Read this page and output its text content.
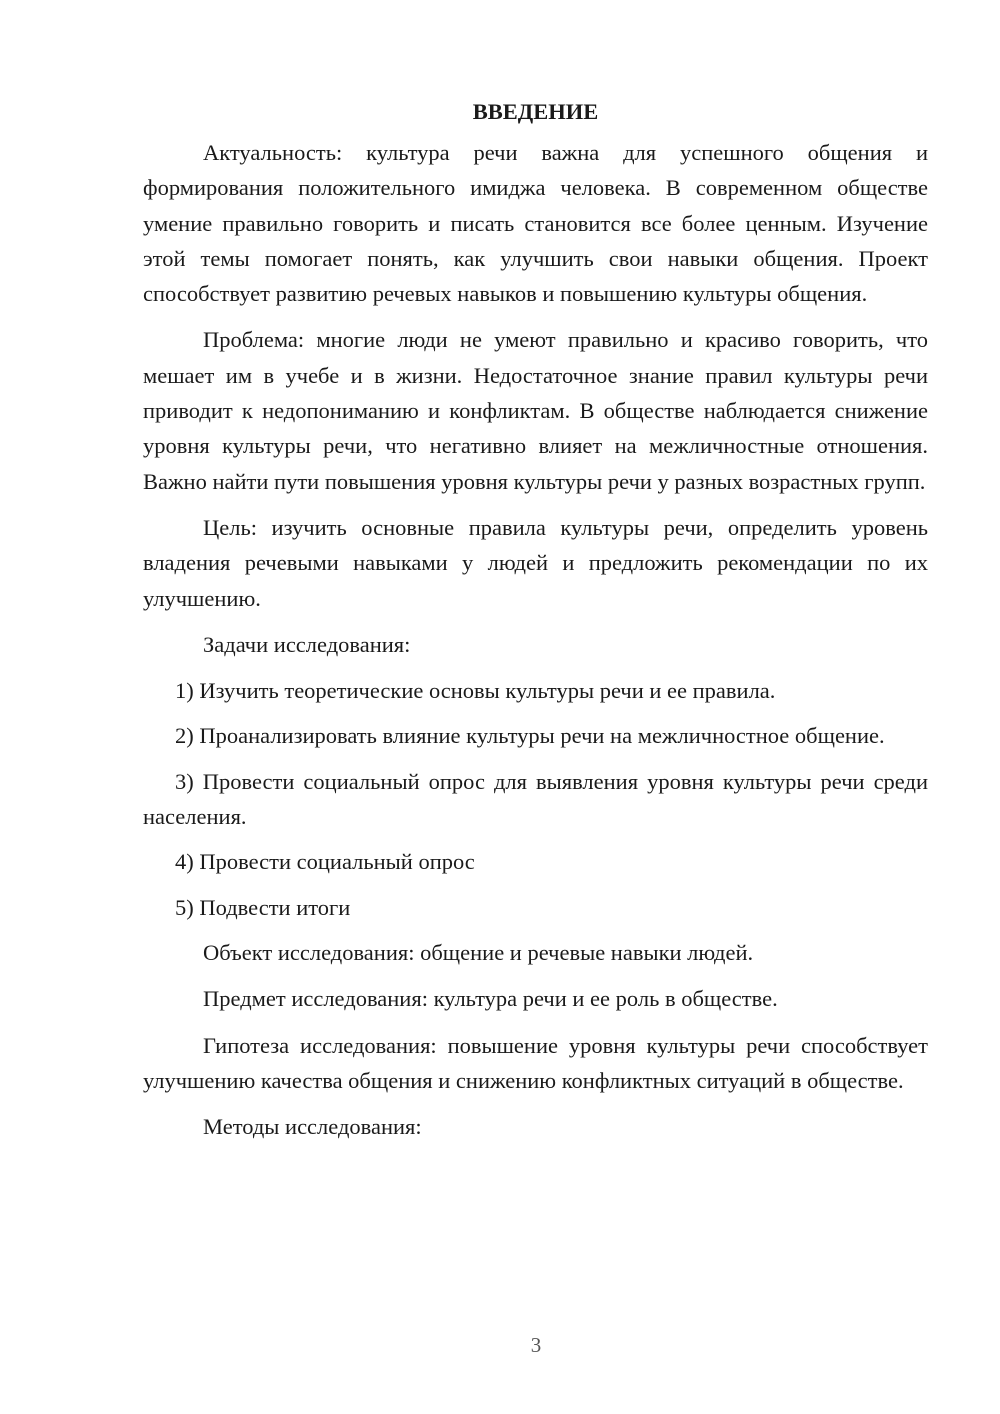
ВВЕДЕНИЕ

Актуальность: культура речи важна для успешного общения и формирования положительного имиджа человека. В современном обществе умение правильно говорить и писать становится все более ценным. Изучение этой темы помогает понять, как улучшить свои навыки общения. Проект способствует развитию речевых навыков и повышению культуры общения.

Проблема: многие люди не умеют правильно и красиво говорить, что мешает им в учебе и в жизни. Недостаточное знание правил культуры речи приводит к недопониманию и конфликтам. В обществе наблюдается снижение уровня культуры речи, что негативно влияет на межличностные отношения. Важно найти пути повышения уровня культуры речи у разных возрастных групп.

Цель: изучить основные правила культуры речи, определить уровень владения речевыми навыками у людей и предложить рекомендации по их улучшению.

Задачи исследования:

1) Изучить теоретические основы культуры речи и ее правила.

2) Проанализировать влияние культуры речи на межличностное общение.

3) Провести социальный опрос для выявления уровня культуры речи среди населения.

4) Провести социальный опрос

5) Подвести итоги

Объект исследования: общение и речевые навыки людей.

Предмет исследования: культура речи и ее роль в обществе.

Гипотеза исследования: повышение уровня культуры речи способствует улучшению качества общения и снижению конфликтных ситуаций в обществе.

Методы исследования:

3
